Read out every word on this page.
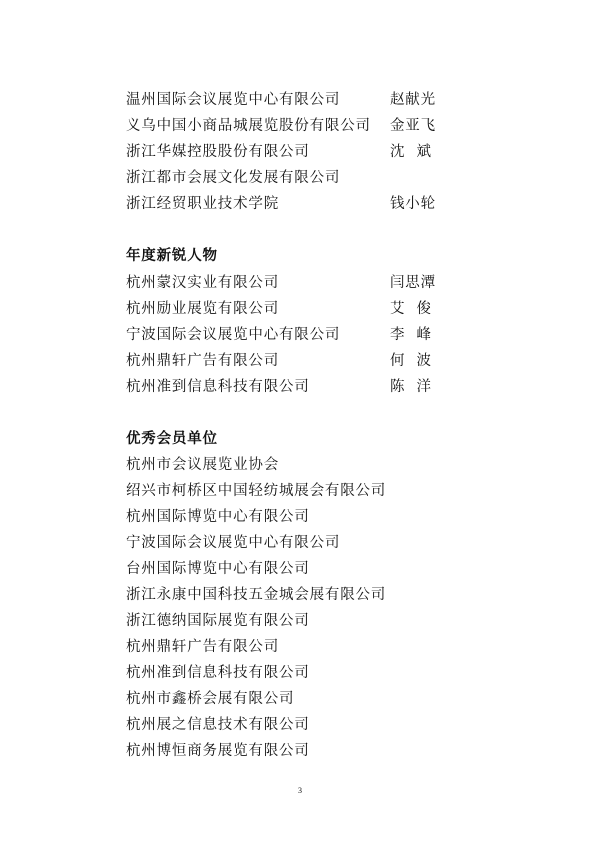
温州国际会议展览中心有限公司	赵献光
义乌中国小商品城展览股份有限公司 金亚飞
浙江华媒控股股份有限公司	沈斌
浙江都市会展文化发展有限公司
浙江经贸职业技术学院	钱小轮
年度新锐人物
杭州蒙汉实业有限公司	闫思潭
杭州励业展览有限公司	艾俊
宁波国际会议展览中心有限公司	李峰
杭州鼎轩广告有限公司	何波
杭州准到信息科技有限公司	陈洋
优秀会员单位
杭州市会议展览业协会
绍兴市柯桥区中国轻纺城展会有限公司
杭州国际博览中心有限公司
宁波国际会议展览中心有限公司
台州国际博览中心有限公司
浙江永康中国科技五金城会展有限公司
浙江德纳国际展览有限公司
杭州鼎轩广告有限公司
杭州准到信息科技有限公司
杭州市鑫桥会展有限公司
杭州展之信息技术有限公司
杭州博恒商务展览有限公司
3
